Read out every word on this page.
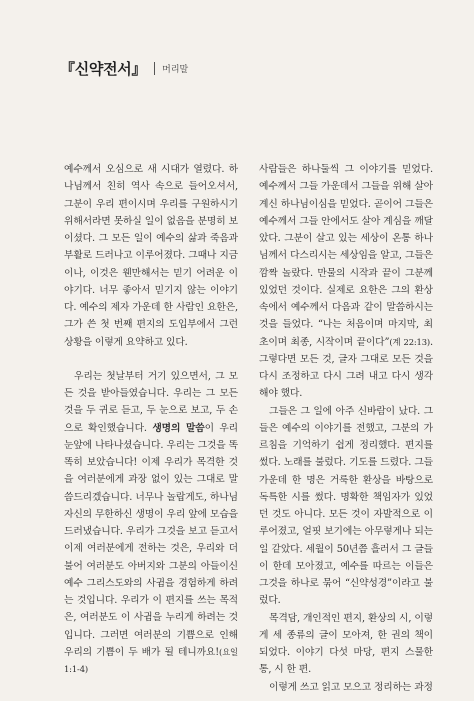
『신약전서』 머리말

예수께서 오심으로 새 시대가 열렸다. 하나님께서 친히 역사 속으로 들어오셔서, 그분이 우리 편이시며 우리를 구원하시기 위해서라면 못하실 일이 없음을 분명히 보이셨다. 그 모든 일이 예수의 삶과 죽음과 부활로 드러나고 이루어졌다. 그때나 지금이나, 이것은 웬만해서는 믿기 어려운 이야기다. 너무 좋아서 믿기지 않는 이야기다. 예수의 제자 가운데 한 사람인 요한은, 그가 쓴 첫 번째 편지의 도입부에서 그런 상황을 이렇게 요약하고 있다.

우리는 첫날부터 거기 있으면서, 그 모든 것을 받아들였습니다. 우리는 그 모든 것을 두 귀로 듣고, 두 눈으로 보고, 두 손으로 확인했습니다. 생명의 말씀이 우리 눈앞에 나타나셨습니다. 우리는 그것을 똑똑히 보았습니다! 이제 우리가 목격한 것을 여러분에게 과장 없이 있는 그대로 말씀드리겠습니다. 너무나 놀랍게도, 하나님 자신의 무한하신 생명이 우리 앞에 모습을 드러냈습니다. 우리가 그것을 보고 듣고서 이제 여러분에게 전하는 것은, 우리와 더불어 여러분도 아버지와 그분의 아들이신 예수 그리스도와의 사귐을 경험하게 하려는 것입니다. 우리가 이 편지를 쓰는 목적은, 여러분도 이 사귐을 누리게 하려는 것입니다. 그러면 여러분의 기쁨으로 인해 우리의 기쁨이 두 배가 될 테니까요!(요일 1:1-4)

사람들은 하나둘씩 그 이야기를 믿었다. 예수께서 그들 가운데서 그들을 위해 살아 계신 하나님이심을 믿었다. 곧이어 그들은 예수께서 그들 안에서도 살아 계심을 깨달았다. 그분이 살고 있는 세상이 온통 하나님께서 다스리시는 세상임을 알고, 그들은 깜짝 놀랐다. 만물의 시작과 끝이 그분께 있었던 것이다. 실제로 요한은 그의 환상 속에서 예수께서 다음과 같이 말씀하시는 것을 들었다. “나는 처음이며 마지막, 최초이며 최종, 시작이며 끝이다”(계 22:13). 그렇다면 모든 것, 글자 그대로 모든 것을 다시 조정하고 다시 그려 내고 다시 생각해야 했다.

그들은 그 일에 아주 신바람이 났다. 그들은 예수의 이야기를 전했고, 그분의 가르침을 기억하기 쉽게 정리했다. 편지를 썼다. 노래를 불렀다. 기도를 드렸다. 그들 가운데 한 명은 거룩한 환상을 바탕으로 독특한 시를 썼다. 명확한 책임자가 있었던 것도 아니다. 모든 것이 자발적으로 이루어졌고, 얼핏 보기에는 아무렇게나 되는 일 같았다. 세월이 50년쯤 흘러서 그 글들이 한데 모아졌고, 예수를 따르는 이들은 그것을 하나로 묶어 “신약성경”이라고 불렀다.

목격담, 개인적인 편지, 환상의 시, 이렇게 세 종류의 글이 모아져, 한 권의 책이 되었다. 이야기 다섯 마당, 편지 스물한 통, 시 한 편.

이렇게 쓰고 읽고 모으고 정리하는 과정
